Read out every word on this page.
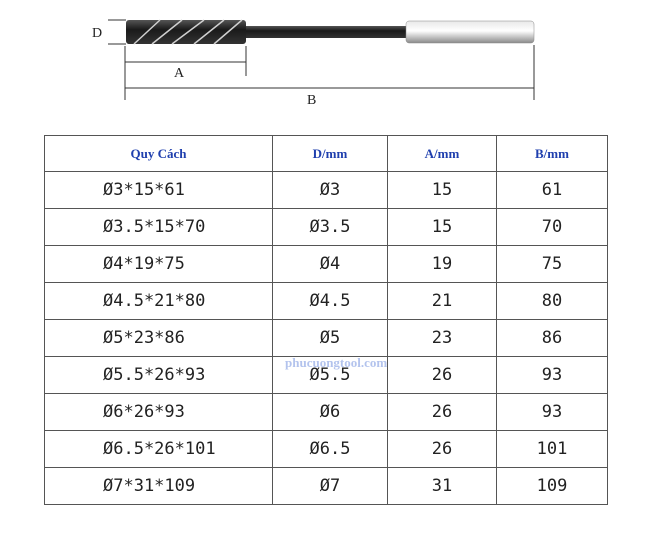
D
A
B
Quy Cách	D/mm	A/mm	B/mm
Ø3*15*61	Ø3	15	61
Ø3.5*15*70	Ø3.5	15	70
Ø4*19*75	Ø4	19	75
Ø4.5*21*80	Ø4.5	21	80
Ø5*23*86	Ø5	23	86
Ø5.5*26*93	Ø5.5	26	93
Ø6*26*93	Ø6	26	93
Ø6.5*26*101	Ø6.5	26	101
Ø7*31*109	Ø7	31	109
phucuongtool.com
